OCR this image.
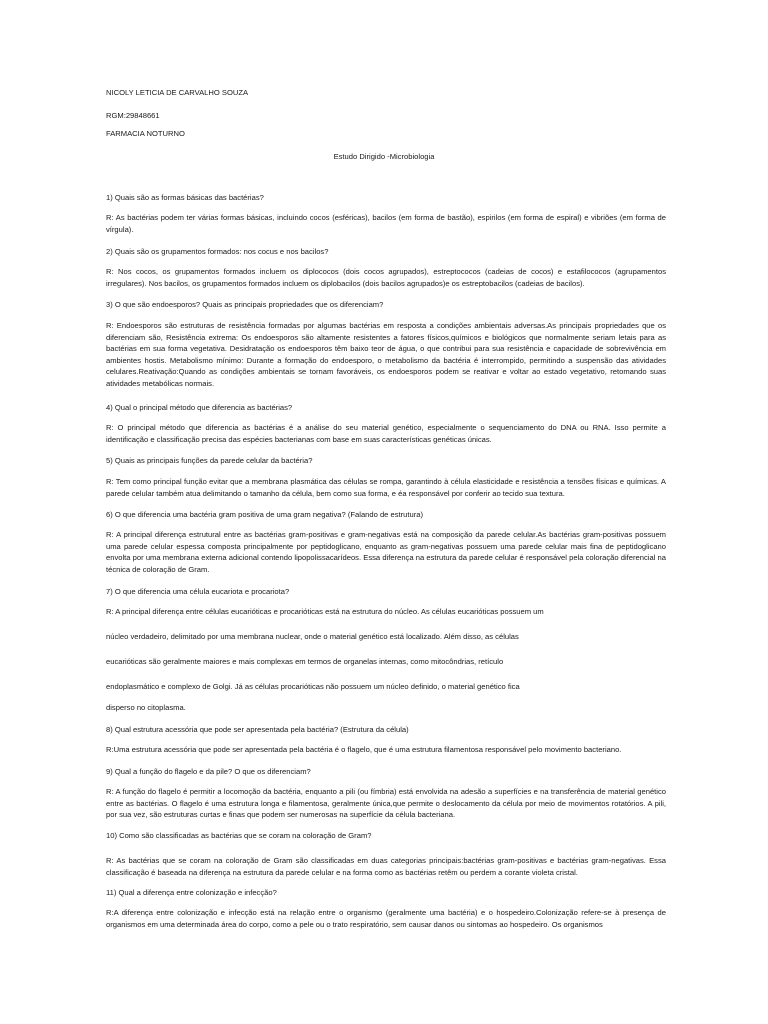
NICOLY LETICIA DE CARVALHO SOUZA
RGM:29848661
FARMACIA NOTURNO
Estudo Dirigido -Microbiologia
1) Quais são as formas básicas das bactérias?
R: As bactérias podem ter várias formas básicas, incluindo cocos (esféricas), bacilos (em forma de bastão), espirilos (em forma de espiral) e vibriões (em forma de vírgula).
2) Quais são os grupamentos formados: nos cocus e nos bacilos?
R: Nos cocos, os grupamentos formados incluem os diplococos (dois cocos agrupados), estreptococos (cadeias de cocos) e estafilococos (agrupamentos irregulares). Nos bacilos, os grupamentos formados incluem os diplobacilos (dois bacilos agrupados)e os estreptobacilos (cadeias de bacilos).
3) O que são endoesporos? Quais as principais propriedades que os diferenciam?
R: Endoesporos são estruturas de resistência formadas por algumas bactérias em resposta a condições ambientais adversas.As principais propriedades que os diferenciam são, Resistência extrema: Os endoesporos são altamente resistentes a fatores físicos,químicos e biológicos que normalmente seriam letais para as bactérias em sua forma vegetativa. Desidratação os endoesporos têm baixo teor de água, o que contribui para sua resistência e capacidade de sobrevivência em ambientes hostis. Metabolismo mínimo: Durante a formação do endoesporo, o metabolismo da bactéria é interrompido, permitindo a suspensão das atividades celulares.Reativação:Quando as condições ambientais se tornam favoráveis, os endoesporos podem se reativar e voltar ao estado vegetativo, retomando suas atividades metabólicas normais.
4) Qual o principal método que diferencia as bactérias?
R: O principal método que diferencia as bactérias é a análise do seu material genético, especialmente o sequenciamento do DNA ou RNA. Isso permite a identificação e classificação precisa das espécies bacterianas com base em suas características genéticas únicas.
5) Quais as principais funções da parede celular da bactéria?
R: Tem como principal função evitar que a membrana plasmática das células se rompa, garantindo à célula elasticidade e resistência a tensões físicas e químicas. A parede celular também atua delimitando o tamanho da célula, bem como sua forma, e éa responsável por conferir ao tecido sua textura.
6) O que diferencia uma bactéria gram positiva de uma gram negativa? (Falando de estrutura)
R: A principal diferença estrutural entre as bactérias gram-positivas e gram-negativas está na composição da parede celular.As bactérias gram-positivas possuem uma parede celular espessa composta principalmente por peptidoglicano, enquanto as gram-negativas possuem uma parede celular mais fina de peptidoglicano envolta por uma membrana externa adicional contendo lipopolissacarídeos. Essa diferença na estrutura da parede celular é responsável pela coloração diferencial na técnica de coloração de Gram.
7) O que diferencia uma célula eucariota e procariota?
R: A principal diferença entre células eucarióticas e procarióticas está na estrutura do núcleo. As células eucarióticas possuem um
núcleo verdadeiro, delimitado por uma membrana nuclear, onde o material genético está localizado. Além disso, as células
eucarióticas são geralmente maiores e mais complexas em termos de organelas internas, como mitocôndrias, retículo
endoplasmático e complexo de Golgi. Já as células procarióticas não possuem um núcleo definido, o material genético fica
disperso no citoplasma.
8) Qual estrutura acessória que pode ser apresentada pela bactéria? (Estrutura da célula)
R:Uma estrutura acessória que pode ser apresentada pela bactéria é o flagelo, que é uma estrutura filamentosa responsável pelo movimento bacteriano.
9) Qual a função do flagelo e da pile? O que os diferenciam?
R: A função do flagelo é permitir a locomoção da bactéria, enquanto a pili (ou fímbria) está envolvida na adesão a superfícies e na transferência de material genético entre as bactérias. O flagelo é uma estrutura longa e filamentosa, geralmente única,que permite o deslocamento da célula por meio de movimentos rotatórios. A pili, por sua vez, são estruturas curtas e finas que podem ser numerosas na superfície da célula bacteriana.
10) Como são classificadas as bactérias que se coram na coloração de Gram?
R: As bactérias que se coram na coloração de Gram são classificadas em duas categorias principais:bactérias gram-positivas e bactérias gram-negativas. Essa classificação é baseada na diferença na estrutura da parede celular e na forma como as bactérias retêm ou perdem a corante violeta cristal.
11) Qual a diferença entre colonização e infecção?
R:A diferença entre colonização e infecção está na relação entre o organismo (geralmente uma bactéria) e o hospedeiro.Colonização refere-se à presença de organismos em uma determinada área do corpo, como a pele ou o trato respiratório, sem causar danos ou sintomas ao hospedeiro. Os organismos
